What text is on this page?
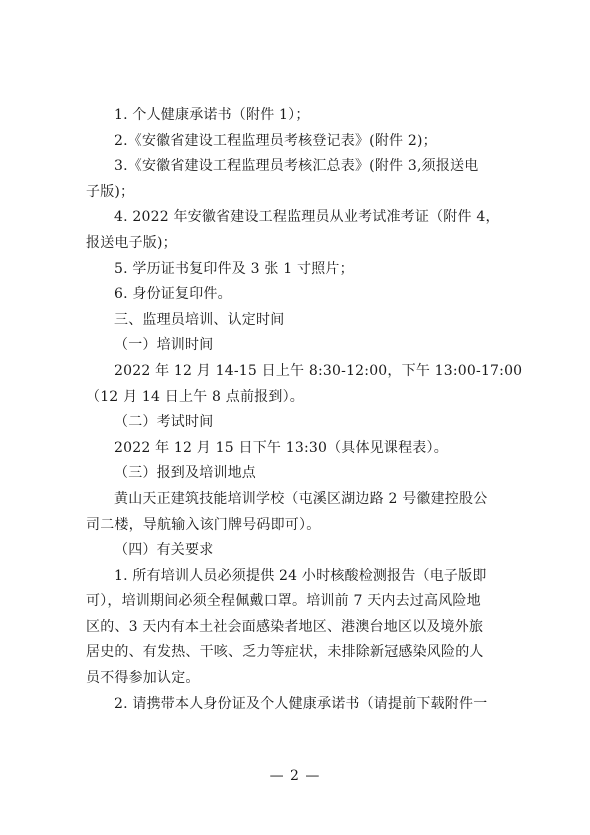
1. 个人健康承诺书（附件 1）；
2.《安徽省建设工程监理员考核登记表》(附件 2)；
3.《安徽省建设工程监理员考核汇总表》(附件 3,须报送电
子版)；
4. 2022 年安徽省建设工程监理员从业考试准考证（附件 4，
报送电子版)；
5. 学历证书复印件及 3 张 1 寸照片；
6. 身份证复印件。
三、监理员培训、认定时间
（一）培训时间
2022 年 12 月 14-15 日上午 8:30-12:00，下午 13:00-17:00
（12 月 14 日上午 8 点前报到）。
（二）考试时间
2022 年 12 月 15 日下午 13:30（具体见课程表）。
（三）报到及培训地点
黄山天正建筑技能培训学校（屯溪区湖边路 2 号徽建控股公
司二楼，导航输入该门牌号码即可）。
（四）有关要求
1. 所有培训人员必须提供 24 小时核酸检测报告（电子版即
可），培训期间必须全程佩戴口罩。培训前 7 天内去过高风险地
区的、3 天内有本土社会面感染者地区、港澳台地区以及境外旅
居史的、有发热、干咳、乏力等症状，未排除新冠感染风险的人
员不得参加认定。
2. 请携带本人身份证及个人健康承诺书（请提前下载附件一
— 2 —
